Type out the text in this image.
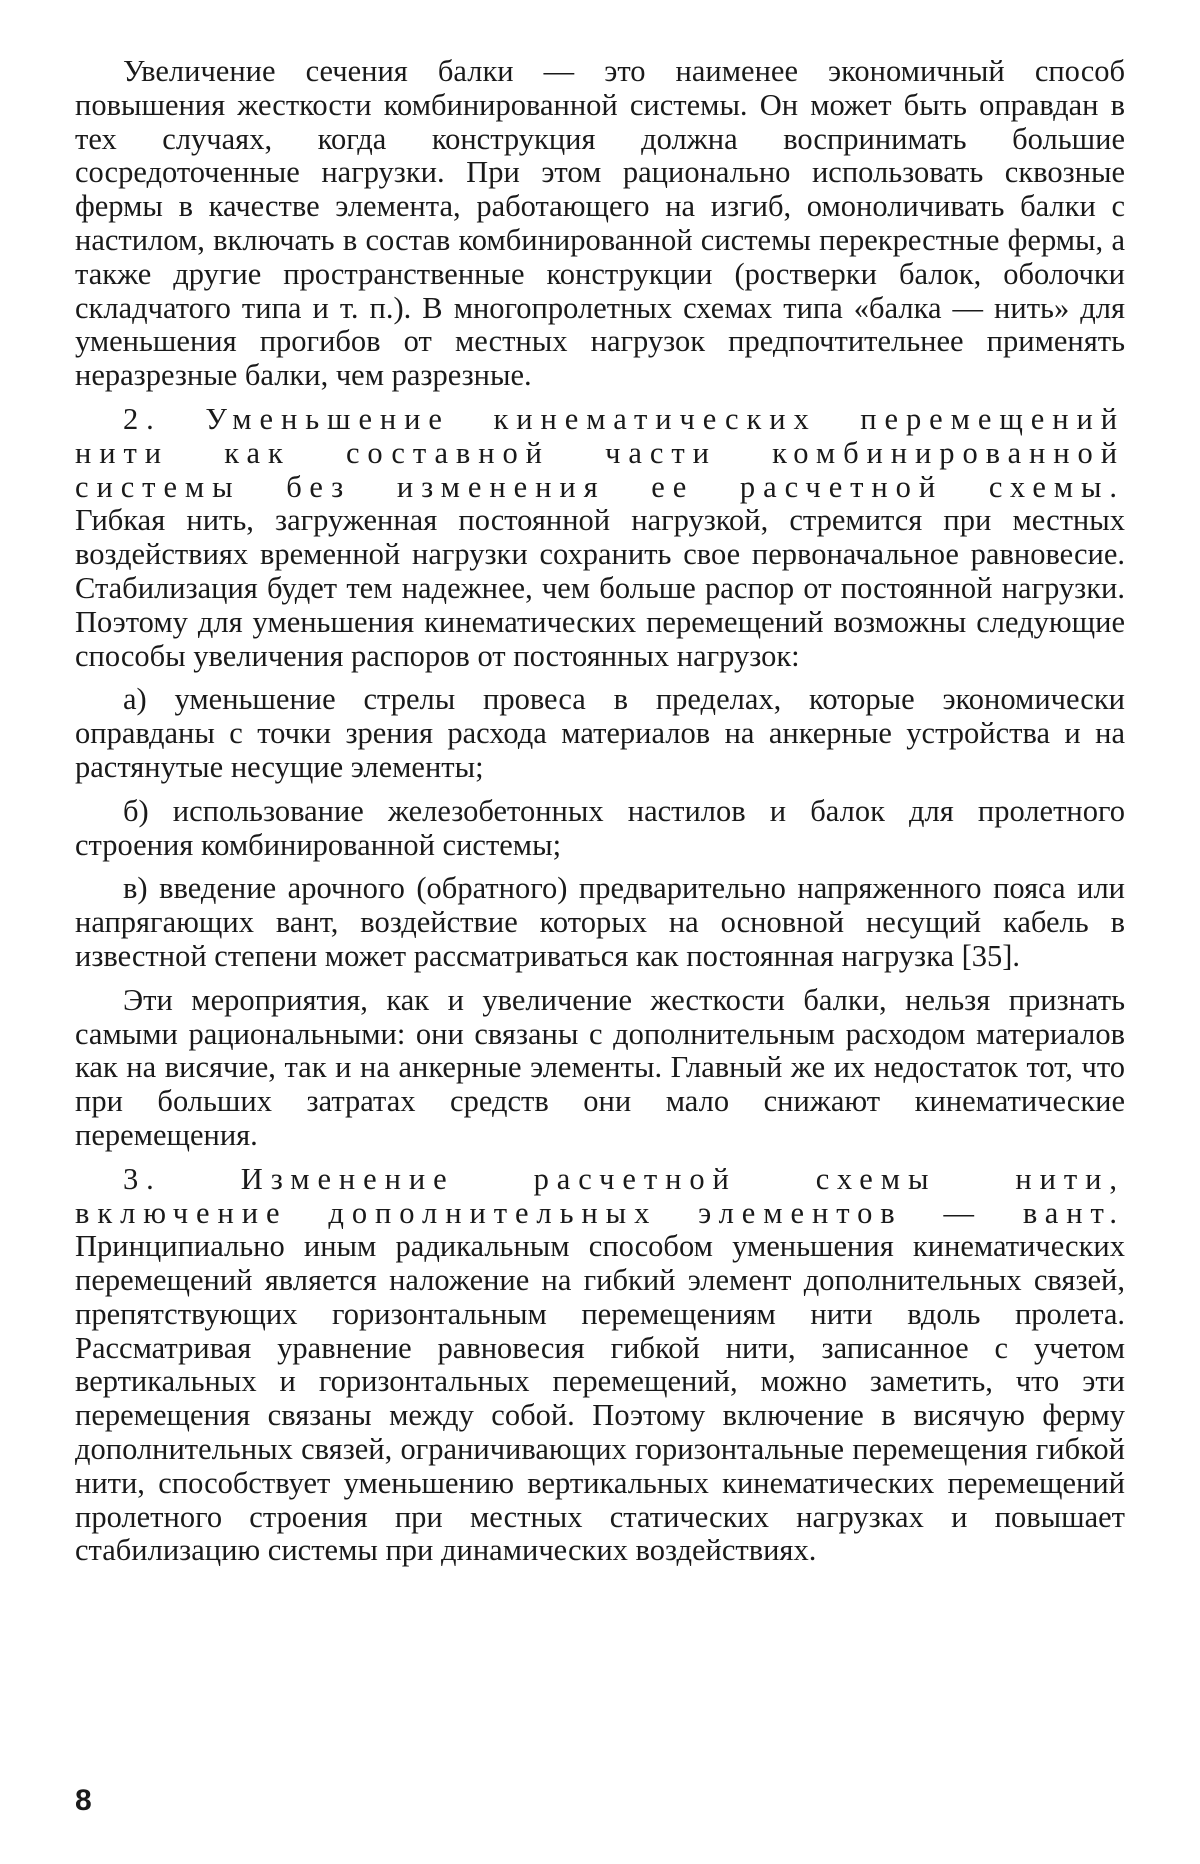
Увеличение сечения балки — это наименее экономичный способ повышения жесткости комбинированной системы. Он может быть оправдан в тех случаях, когда конструкция должна воспринимать большие сосредоточенные нагрузки. При этом рационально использовать сквозные фермы в качестве элемента, работающего на изгиб, омоноличивать балки с настилом, включать в состав комбинированной системы перекрестные фермы, а также другие пространственные конструкции (ростверки балок, оболочки складчатого типа и т. п.). В многопролетных схемах типа «балка — нить» для уменьшения прогибов от местных нагрузок предпочтительнее применять неразрезные балки, чем разрезные.

2. Уменьшение кинематических перемещений нити как составной части комбинированной системы без изменения ее расчетной схемы. Гибкая нить, загруженная постоянной нагрузкой, стремится при местных воздействиях временной нагрузки сохранить свое первоначальное равновесие. Стабилизация будет тем надежнее, чем больше распор от постоянной нагрузки. Поэтому для уменьшения кинематических перемещений возможны следующие способы увеличения распоров от постоянных нагрузок:

а) уменьшение стрелы провеса в пределах, которые экономически оправданы с точки зрения расхода материалов на анкерные устройства и на растянутые несущие элементы;

б) использование железобетонных настилов и балок для пролетного строения комбинированной системы;

в) введение арочного (обратного) предварительно напряженного пояса или напрягающих вант, воздействие которых на основной несущий кабель в известной степени может рассматриваться как постоянная нагрузка [35].

Эти мероприятия, как и увеличение жесткости балки, нельзя признать самыми рациональными: они связаны с дополнительным расходом материалов как на висячие, так и на анкерные элементы. Главный же их недостаток тот, что при больших затратах средств они мало снижают кинематические перемещения.

3. Изменение расчетной схемы нити, включение дополнительных элементов — вант. Принципиально иным радикальным способом уменьшения кинематических перемещений является наложение на гибкий элемент дополнительных связей, препятствующих горизонтальным перемещениям нити вдоль пролета. Рассматривая уравнение равновесия гибкой нити, записанное с учетом вертикальных и горизонтальных перемещений, можно заметить, что эти перемещения связаны между собой. Поэтому включение в висячую ферму дополнительных связей, ограничивающих горизонтальные перемещения гибкой нити, способствует уменьшению вертикальных кинематических перемещений пролетного строения при местных статических нагрузках и повышает стабилизацию системы при динамических воздействиях.

8
